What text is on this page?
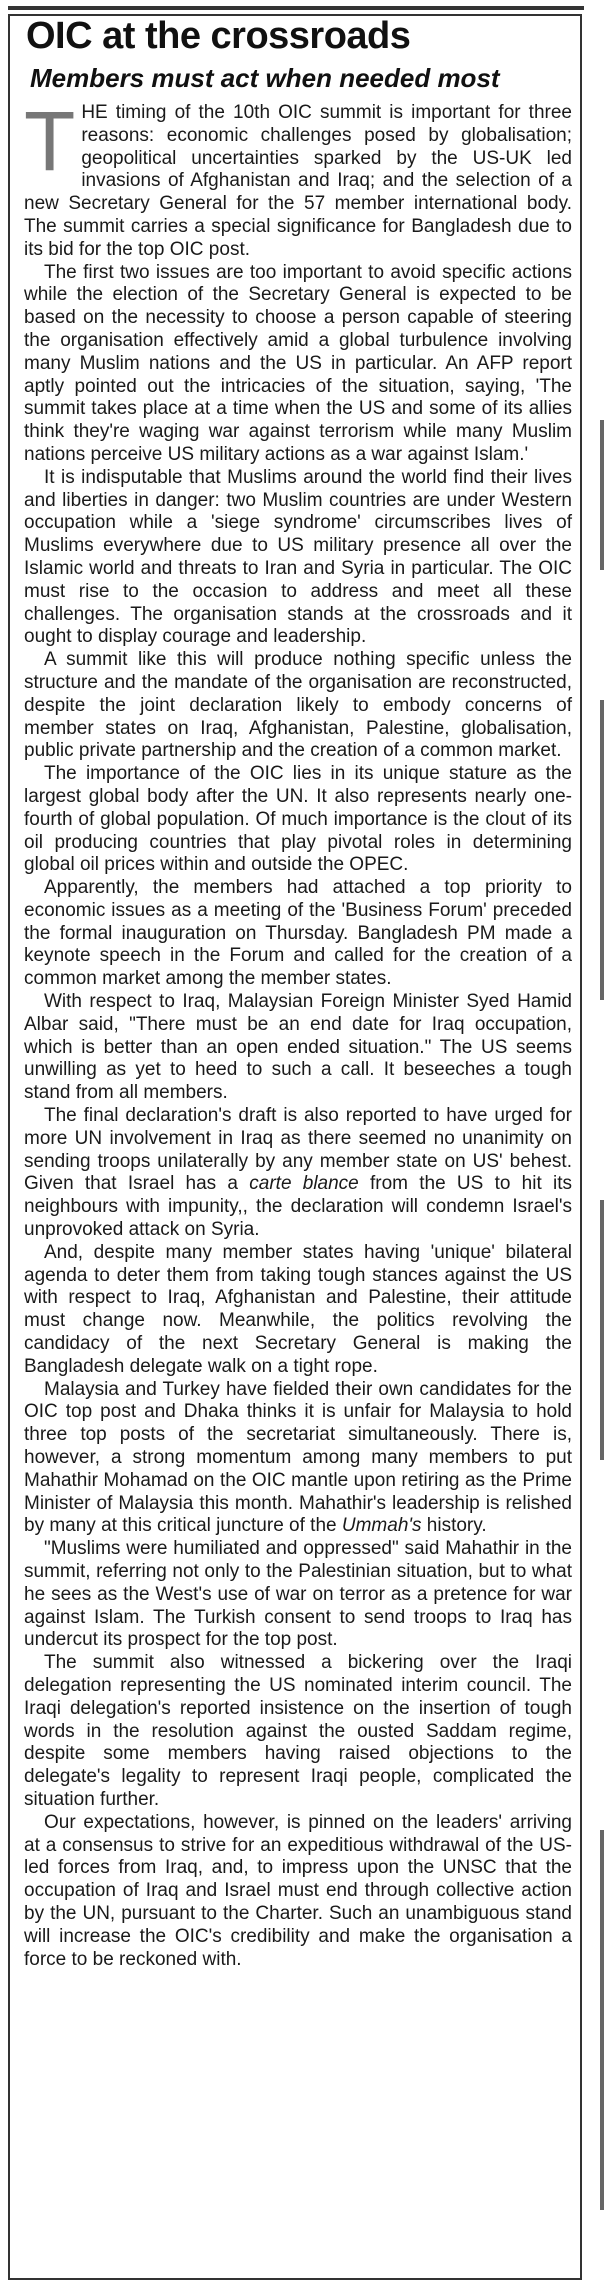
OIC at the crossroads
Members must act when needed most

THE timing of the 10th OIC summit is important for three reasons: economic challenges posed by globalisation; geopolitical uncertainties sparked by the US-UK led invasions of Afghanistan and Iraq; and the selection of a new Secretary General for the 57 member international body. The summit carries a special significance for Bangladesh due to its bid for the top OIC post.

The first two issues are too important to avoid specific actions while the election of the Secretary General is expected to be based on the necessity to choose a person capable of steering the organisation effectively amid a global turbulence involving many Muslim nations and the US in particular. An AFP report aptly pointed out the intricacies of the situation, saying, 'The summit takes place at a time when the US and some of its allies think they're waging war against terrorism while many Muslim nations perceive US military actions as a war against Islam.'

It is indisputable that Muslims around the world find their lives and liberties in danger: two Muslim countries are under Western occupation while a 'siege syndrome' circumscribes lives of Muslims everywhere due to US military presence all over the Islamic world and threats to Iran and Syria in particular. The OIC must rise to the occasion to address and meet all these challenges. The organisation stands at the crossroads and it ought to display courage and leadership.

A summit like this will produce nothing specific unless the structure and the mandate of the organisation are reconstructed, despite the joint declaration likely to embody concerns of member states on Iraq, Afghanistan, Palestine, globalisation, public private partnership and the creation of a common market.

The importance of the OIC lies in its unique stature as the largest global body after the UN. It also represents nearly one-fourth of global population. Of much importance is the clout of its oil producing countries that play pivotal roles in determining global oil prices within and outside the OPEC.

Apparently, the members had attached a top priority to economic issues as a meeting of the 'Business Forum' preceded the formal inauguration on Thursday. Bangladesh PM made a keynote speech in the Forum and called for the creation of a common market among the member states.

With respect to Iraq, Malaysian Foreign Minister Syed Hamid Albar said, "There must be an end date for Iraq occupation, which is better than an open ended situation." The US seems unwilling as yet to heed to such a call. It beseeches a tough stand from all members.

The final declaration's draft is also reported to have urged for more UN involvement in Iraq as there seemed no unanimity on sending troops unilaterally by any member state on US' behest. Given that Israel has a carte blance from the US to hit its neighbours with impunity,, the declaration will condemn Israel's unprovoked attack on Syria.

And, despite many member states having 'unique' bilateral agenda to deter them from taking tough stances against the US with respect to Iraq, Afghanistan and Palestine, their attitude must change now. Meanwhile, the politics revolving the candidacy of the next Secretary General is making the Bangladesh delegate walk on a tight rope.

Malaysia and Turkey have fielded their own candidates for the OIC top post and Dhaka thinks it is unfair for Malaysia to hold three top posts of the secretariat simultaneously. There is, however, a strong momentum among many members to put Mahathir Mohamad on the OIC mantle upon retiring as the Prime Minister of Malaysia this month. Mahathir's leadership is relished by many at this critical juncture of the Ummah's history.

"Muslims were humiliated and oppressed" said Mahathir in the summit, referring not only to the Palestinian situation, but to what he sees as the West's use of war on terror as a pretence for war against Islam. The Turkish consent to send troops to Iraq has undercut its prospect for the top post.

The summit also witnessed a bickering over the Iraqi delegation representing the US nominated interim council. The Iraqi delegation's reported insistence on the insertion of tough words in the resolution against the ousted Saddam regime, despite some members having raised objections to the delegate's legality to represent Iraqi people, complicated the situation further.

Our expectations, however, is pinned on the leaders' arriving at a consensus to strive for an expeditious withdrawal of the US- led forces from Iraq, and, to impress upon the UNSC that the occupation of Iraq and Israel must end through collective action by the UN, pursuant to the Charter. Such an unambiguous stand will increase the OIC's credibility and make the organisation a force to be reckoned with.
